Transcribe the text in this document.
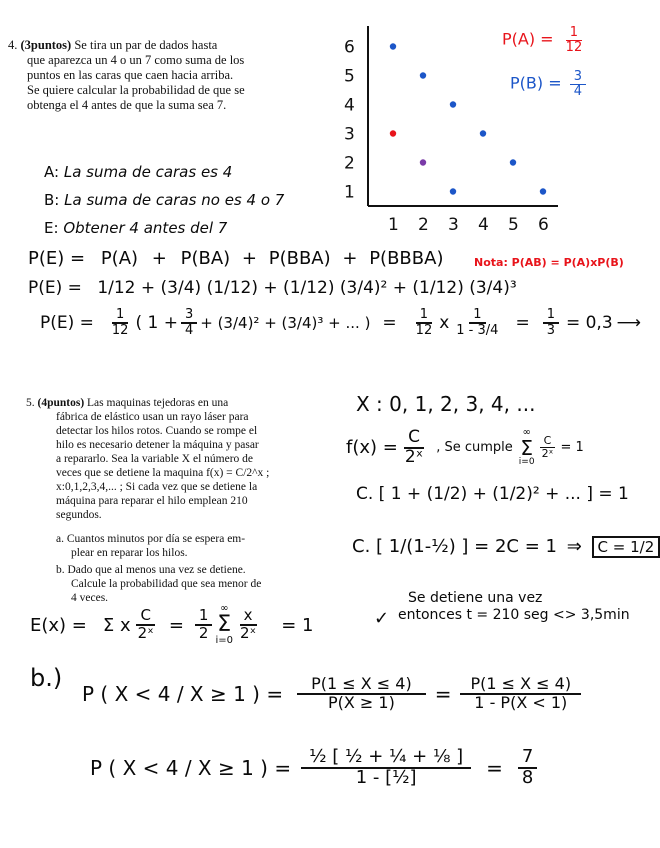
4. (3puntos) Se tira un par de dados hasta
que aparezca un 4 o un 7 como suma de los
puntos en las caras que caen hacia arriba.
Se quiere calcular la probabilidad de que se
obtenga el 4 antes de que la suma sea 7.
A: La suma de caras es 4
B: La suma de caras no es 4 o 7
E: Obtener 4 antes del 7
1
2
3
4
5
6
1 2 3 4 5 6
$P(A) = \frac{1}{12}$
$P(B) = \frac{3}{4}$
P(E) = P(A) + P(BA) + P(BBA) + P(BBBA)	Nota: P(AB) = P(A)xP(B)
P(E) = 1/12 + (3/4) (1/12) + (1/12) (3/4)² + (1/12) (3/4)³
$P(E) = \frac{1}{12}$ ( $1 + \frac{3}{4} + (3/4)^2 + (3/4)^3$ + ... ) = $\frac{1}{12}$ x $\frac{1}{1 - 3/4} = \frac{1}{3} = 0,3$ ⟶
5. (4puntos) Las maquinas tejedoras en una
fábrica de elástico usan un rayo láser para
detectar los hilos rotos. Cuando se rompe el
hilo es necesario detener la máquina y pasar
a repararlo. Sea la variable X el número de
veces que se detiene la maquina f(x) = C/2^x ;
x:0,1,2,3,4,... ; Si cada vez que se detiene la
máquina para reparar el hilo emplean 210
segundos.
a. Cuantos minutos por día se espera em-
plear en reparar los hilos.
b. Dado que al menos una vez se detiene.
Calcule la probabilidad que sea menor de
4 veces.
X : 0, 1, 2, 3, 4, ...
$f(x) = \frac{C}{\text{2ˣ}}$ , Se cumple
∞
Σ
i=0
$\frac{C}{\text{2ˣ}} = 1$
C. [ 1 + (1/2) + (1/2)² + ... ] = 1
C. [ 1/(1-½) ] = 2C = 1 ⇒ C = 1/2
Se detiene una vez
entonces t = 210 seg <> 3,5min
✓
E(x) = Σ x $\frac{C}{\text{2ˣ}} = \frac{1}{2}$ ∞
Σ
$i=0 \frac{x}{\text{2ˣ}} = 1$
b.)
P ( X < 4 / X ≥ 1 ) = $\frac{P(1 \le X \le 4)}{P(X \ge 1)} = \frac{P(1 \le X \le 4)}{1 - P(X < 1)}$
P ( X < 4 / X ≥ 1 ) = $\frac{\text{½ [ ½ + ¼ + ⅛ ]}}{\text{1 - [½]}} = \frac{7}{8}$
